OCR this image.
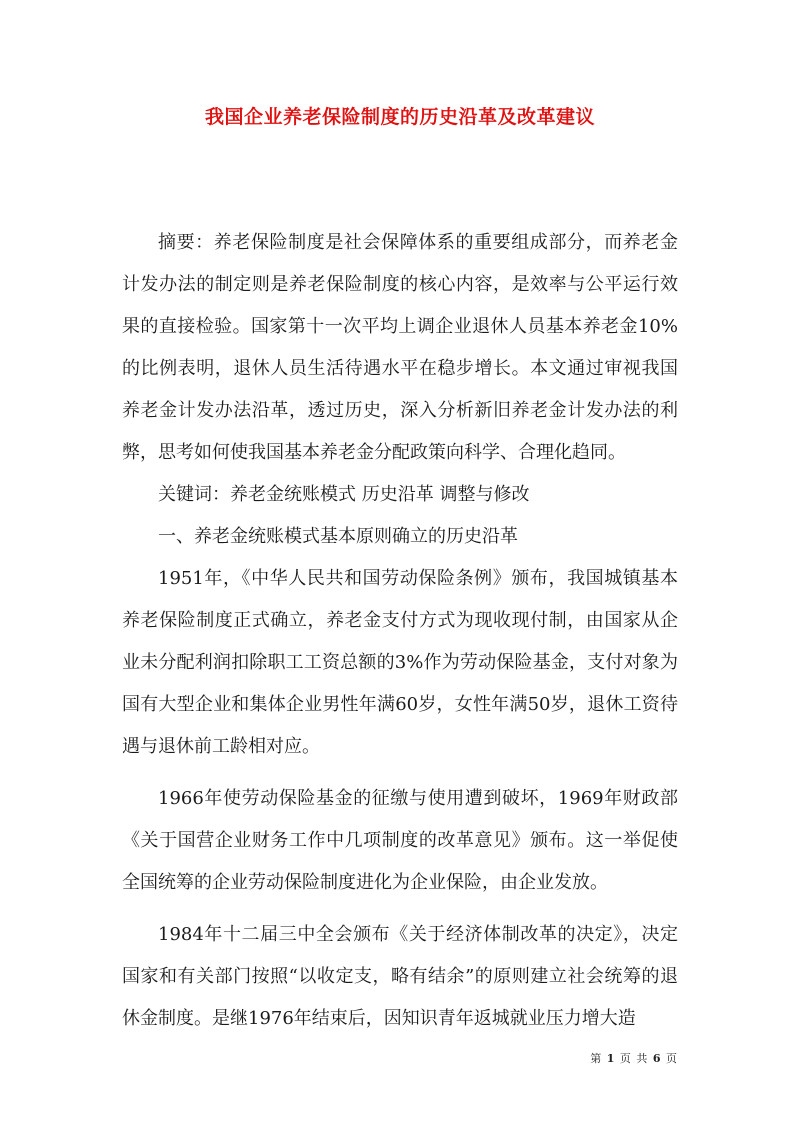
我国企业养老保险制度的历史沿革及改革建议

摘要：养老保险制度是社会保障体系的重要组成部分，而养老金计发办法的制定则是养老保险制度的核心内容，是效率与公平运行效果的直接检验。国家第十一次平均上调企业退休人员基本养老金10%的比例表明，退休人员生活待遇水平在稳步增长。本文通过审视我国养老金计发办法沿革，透过历史，深入分析新旧养老金计发办法的利弊，思考如何使我国基本养老金分配政策向科学、合理化趋同。

关键词：养老金统账模式 历史沿革 调整与修改

一、养老金统账模式基本原则确立的历史沿革

1951年，《中华人民共和国劳动保险条例》颁布，我国城镇基本养老保险制度正式确立，养老金支付方式为现收现付制，由国家从企业未分配利润扣除职工工资总额的3%作为劳动保险基金，支付对象为国有大型企业和集体企业男性年满60岁，女性年满50岁，退休工资待遇与退休前工龄相对应。

1966年使劳动保险基金的征缴与使用遭到破坏，1969年财政部《关于国营企业财务工作中几项制度的改革意见》颁布。这一举促使全国统筹的企业劳动保险制度进化为企业保险，由企业发放。

1984年十二届三中全会颁布《关于经济体制改革的决定》，决定国家和有关部门按照“以收定支，略有结余”的原则建立社会统筹的退休金制度。是继1976年结束后，因知识青年返城就业压力增大造

第 1 页 共 6 页
